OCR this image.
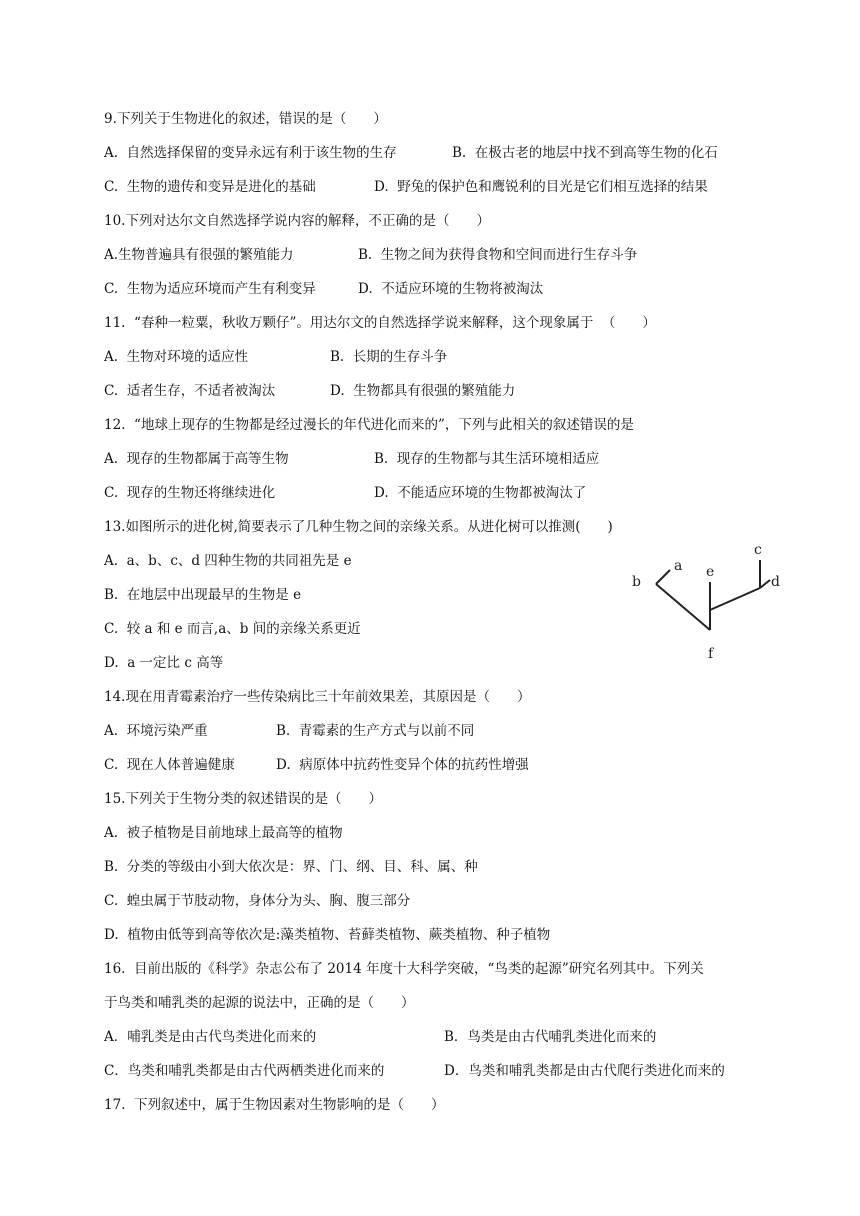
9.下列关于生物进化的叙述，错误的是（　　）
A.  自然选择保留的变异永远有利于该生物的生存	B.  在极古老的地层中找不到高等生物的化石
C.  生物的遗传和变异是进化的基础	D.  野兔的保护色和鹰锐利的目光是它们相互选择的结果
10.下列对达尔文自然选择学说内容的解释，不正确的是（　　）
A.生物普遍具有很强的繁殖能力	B.  生物之间为获得食物和空间而进行生存斗争
C.  生物为适应环境而产生有利变异	D.  不适应环境的生物将被淘汰
11.  “春种一粒粟，秋收万颗仔”。用达尔文的自然选择学说来解释，这个现象属于  （　　）
A.  生物对环境的适应性	B.  长期的生存斗争
C.  适者生存，不适者被淘汰	D.  生物都具有很强的繁殖能力
12.  “地球上现存的生物都是经过漫长的年代进化而来的”，下列与此相关的叙述错误的是
A.  现存的生物都属于高等生物	B.  现存的生物都与其生活环境相适应
C.  现存的生物还将继续进化	D.  不能适应环境的生物都被淘汰了
13.如图所示的进化树,简要表示了几种生物之间的亲缘关系。从进化树可以推测(　　)
A.  a、b、c、d 四种生物的共同祖先是 e
B.  在地层中出现最早的生物是 e
C.  较 a 和 e 而言,a、b 间的亲缘关系更近
D.  a 一定比 c 高等
a
b
c
d
e
f
14.现在用青霉素治疗一些传染病比三十年前效果差，其原因是（　　）
A.  环境污染严重	B.  青霉素的生产方式与以前不同
C.  现在人体普遍健康	D.  病原体中抗药性变异个体的抗药性增强
15.下列关于生物分类的叙述错误的是（　　）
A.  被子植物是目前地球上最高等的植物
B.  分类的等级由小到大依次是：界、门、纲、目、科、属、种
C.  蝗虫属于节肢动物，身体分为头、胸、腹三部分
D.  植物由低等到高等依次是:藻类植物、苔藓类植物、蕨类植物、种子植物
16.  目前出版的《科学》杂志公布了 2014 年度十大科学突破，“鸟类的起源”研究名列其中。下列关
于鸟类和哺乳类的起源的说法中，正确的是（　　）
A．哺乳类是由古代鸟类进化而来的	B．鸟类是由古代哺乳类进化而来的
C．鸟类和哺乳类都是由古代两栖类进化而来的	D．鸟类和哺乳类都是由古代爬行类进化而来的
17.  下列叙述中，属于生物因素对生物影响的是（　　）
